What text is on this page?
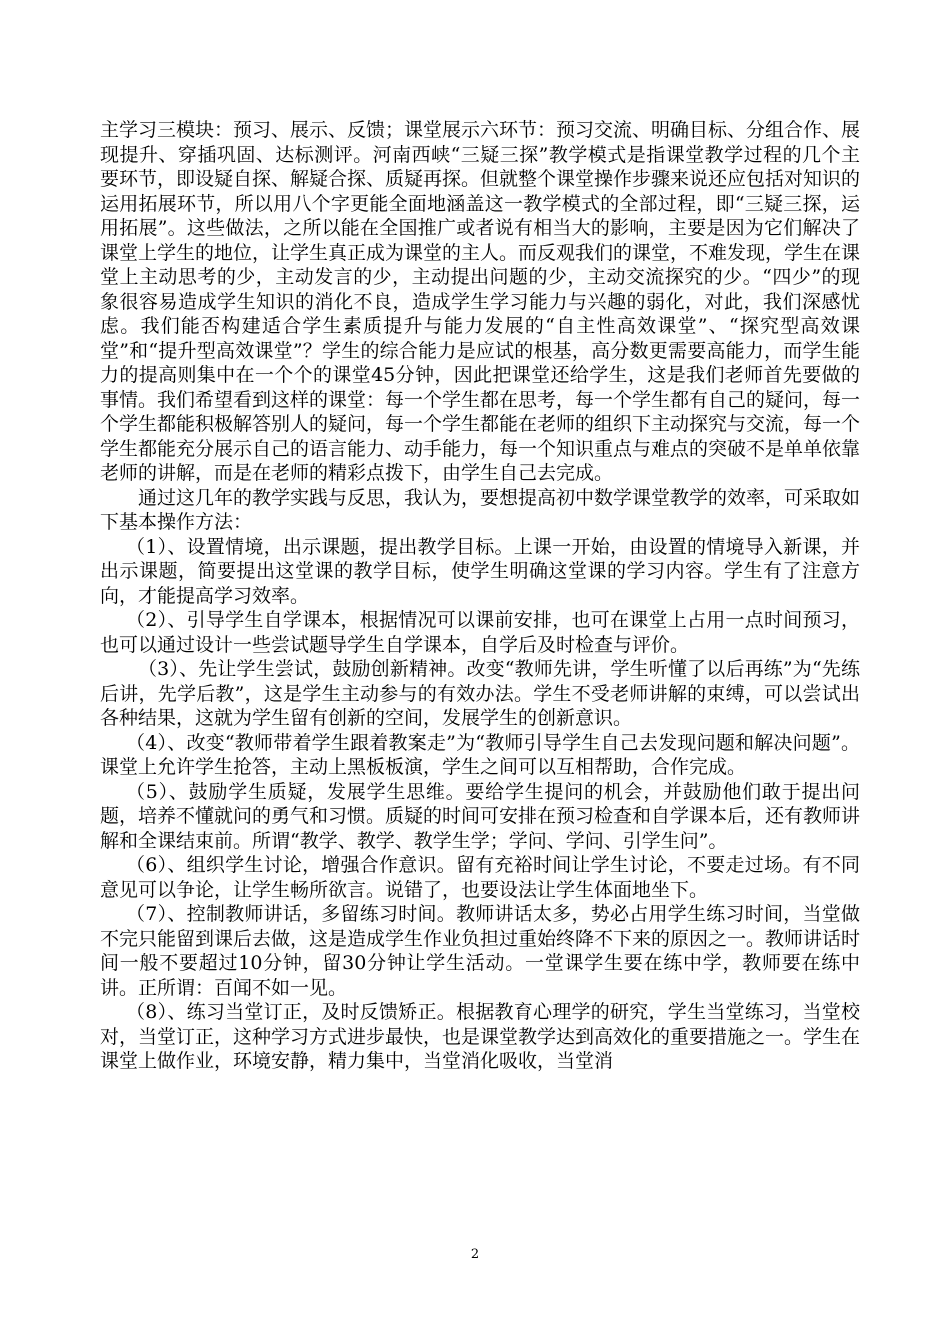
主学习三模块：预习、展示、反馈；课堂展示六环节：预习交流、明确目标、分组合作、展现提升、穿插巩固、达标测评。河南西峡“三疑三探”教学模式是指课堂教学过程的几个主要环节，即设疑自探、解疑合探、质疑再探。但就整个课堂操作步骤来说还应包括对知识的运用拓展环节，所以用八个字更能全面地涵盖这一教学模式的全部过程，即“三疑三探，运用拓展”。这些做法，之所以能在全国推广或者说有相当大的影响，主要是因为它们解决了课堂上学生的地位，让学生真正成为课堂的主人。而反观我们的课堂，不难发现，学生在课堂上主动思考的少，主动发言的少，主动提出问题的少，主动交流探究的少。“四少”的现象很容易造成学生知识的消化不良，造成学生学习能力与兴趣的弱化，对此，我们深感忧虑。我们能否构建适合学生素质提升与能力发展的“自主性高效课堂”、“探究型高效课堂”和“提升型高效课堂”？学生的综合能力是应试的根基，高分数更需要高能力，而学生能力的提高则集中在一个个的课堂45分钟，因此把课堂还给学生，这是我们老师首先要做的事情。我们希望看到这样的课堂：每一个学生都在思考，每一个学生都有自己的疑问，每一个学生都能积极解答别人的疑问，每一个学生都能在老师的组织下主动探究与交流，每一个学生都能充分展示自己的语言能力、动手能力，每一个知识重点与难点的突破不是单单依靠老师的讲解，而是在老师的精彩点拨下，由学生自己去完成。

通过这几年的教学实践与反思，我认为，要想提高初中数学课堂教学的效率，可采取如下基本操作方法：

（1）、设置情境，出示课题，提出教学目标。上课一开始，由设置的情境导入新课，并出示课题，简要提出这堂课的教学目标，使学生明确这堂课的学习内容。学生有了注意方向，才能提高学习效率。

（2）、引导学生自学课本，根据情况可以课前安排，也可在课堂上占用一点时间预习，也可以通过设计一些尝试题导学生自学课本，自学后及时检查与评价。

（3）、先让学生尝试，鼓励创新精神。改变“教师先讲，学生听懂了以后再练”为“先练后讲，先学后教”，这是学生主动参与的有效办法。学生不受老师讲解的束缚，可以尝试出各种结果，这就为学生留有创新的空间，发展学生的创新意识。

（4）、改变“教师带着学生跟着教案走”为“教师引导学生自己去发现问题和解决问题”。课堂上允许学生抢答，主动上黑板板演，学生之间可以互相帮助，合作完成。

（5）、鼓励学生质疑，发展学生思维。要给学生提问的机会，并鼓励他们敢于提出问题，培养不懂就问的勇气和习惯。质疑的时间可安排在预习检查和自学课本后，还有教师讲解和全课结束前。所谓“教学、教学、教学生学；学问、学问、引学生问”。

（6）、组织学生讨论，增强合作意识。留有充裕时间让学生讨论，不要走过场。有不同意见可以争论，让学生畅所欲言。说错了，也要设法让学生体面地坐下。

（7）、控制教师讲话，多留练习时间。教师讲话太多，势必占用学生练习时间，当堂做不完只能留到课后去做，这是造成学生作业负担过重始终降不下来的原因之一。教师讲话时间一般不要超过10分钟，留30分钟让学生活动。一堂课学生要在练中学，教师要在练中讲。正所谓：百闻不如一见。

（8）、练习当堂订正，及时反馈矫正。根据教育心理学的研究，学生当堂练习，当堂校对，当堂订正，这种学习方式进步最快，也是课堂教学达到高效化的重要措施之一。学生在课堂上做作业，环境安静，精力集中，当堂消化吸收，当堂消

2
